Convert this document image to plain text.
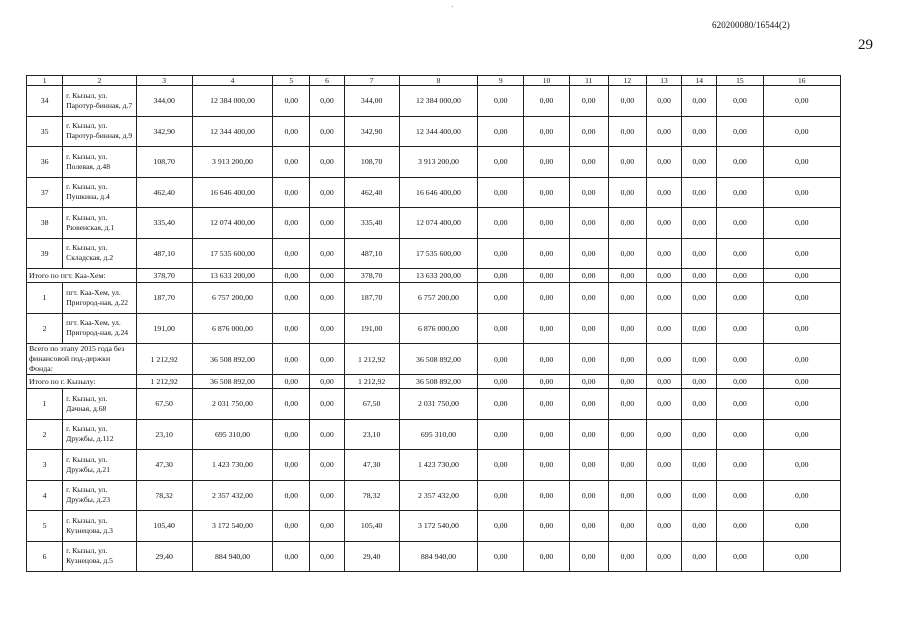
620200080/16544(2)
29
1	2	3	4	5	6	7	8	9	10	11	12	13	14	15	16
34	г. Кызыл, ул. Паротур-бинная, д.7	344,00	12 384 000,00	0,00	0,00	344,00	12 384 000,00	0,00	0,00	0,00	0,00	0,00	0,00	0,00	0,00
35	г. Кызыл, ул. Паротур-бинная, д.9	342,90	12 344 400,00	0,00	0,00	342,90	12 344 400,00	0,00	0,00	0,00	0,00	0,00	0,00	0,00	0,00
36	г. Кызыл, ул. Полевая, д.48	108,70	3 913 200,00	0,00	0,00	108,70	3 913 200,00	0,00	0,00	0,00	0,00	0,00	0,00	0,00	0,00
37	г. Кызыл, ул. Пушкина, д.4	462,40	16 646 400,00	0,00	0,00	462,40	16 646 400,00	0,00	0,00	0,00	0,00	0,00	0,00	0,00	0,00
38	г. Кызыл, ул. Рювенская, д.1	335,40	12 074 400,00	0,00	0,00	335,40	12 074 400,00	0,00	0,00	0,00	0,00	0,00	0,00	0,00	0,00
39	г. Кызыл, ул. Складская, д.2	487,10	17 535 600,00	0,00	0,00	487,10	17 535 600,00	0,00	0,00	0,00	0,00	0,00	0,00	0,00	0,00
Итого по пгт. Каа-Хем:		378,70	13 633 200,00	0,00	0,00	378,70	13 633 200,00	0,00	0,00	0,00	0,00	0,00	0,00	0,00	0,00
1	пгт. Каа-Хем, ул. Пригород-ная, д.22	187,70	6 757 200,00	0,00	0,00	187,70	6 757 200,00	0,00	0,00	0,00	0,00	0,00	0,00	0,00	0,00
2	пгт. Каа-Хем, ул. Пригород-ная, д.24	191,00	6 876 000,00	0,00	0,00	191,00	6 876 000,00	0,00	0,00	0,00	0,00	0,00	0,00	0,00	0,00
Всего по этапу 2015 года без финансовой под-держки Фонда:		1 212,92	36 508 892,00	0,00	0,00	1 212,92	36 508 892,00	0,00	0,00	0,00	0,00	0,00	0,00	0,00	0,00
Итого по г. Кызылу:		1 212,92	36 508 892,00	0,00	0,00	1 212,92	36 508 892,00	0,00	0,00	0,00	0,00	0,00	0,00	0,00	0,00
1	г. Кызыл, ул. Дачная, д.68	67,50	2 031 750,00	0,00	0,00	67,50	2 031 750,00	0,00	0,00	0,00	0,00	0,00	0,00	0,00	0,00
2	г. Кызыл, ул. Дружбы, д.112	23,10	695 310,00	0,00	0,00	23,10	695 310,00	0,00	0,00	0,00	0,00	0,00	0,00	0,00	0,00
3	г. Кызыл, ул. Дружбы, д.21	47,30	1 423 730,00	0,00	0,00	47,30	1 423 730,00	0,00	0,00	0,00	0,00	0,00	0,00	0,00	0,00
4	г. Кызыл, ул. Дружбы, д.23	78,32	2 357 432,00	0,00	0,00	78,32	2 357 432,00	0,00	0,00	0,00	0,00	0,00	0,00	0,00	0,00
5	г. Кызыл, ул. Кузнецова, д.3	105,40	3 172 540,00	0,00	0,00	105,40	3 172 540,00	0,00	0,00	0,00	0,00	0,00	0,00	0,00	0,00
6	г. Кызыл, ул. Кузнецова, д.5	29,40	884 940,00	0,00	0,00	29,40	884 940,00	0,00	0,00	0,00	0,00	0,00	0,00	0,00	0,00
